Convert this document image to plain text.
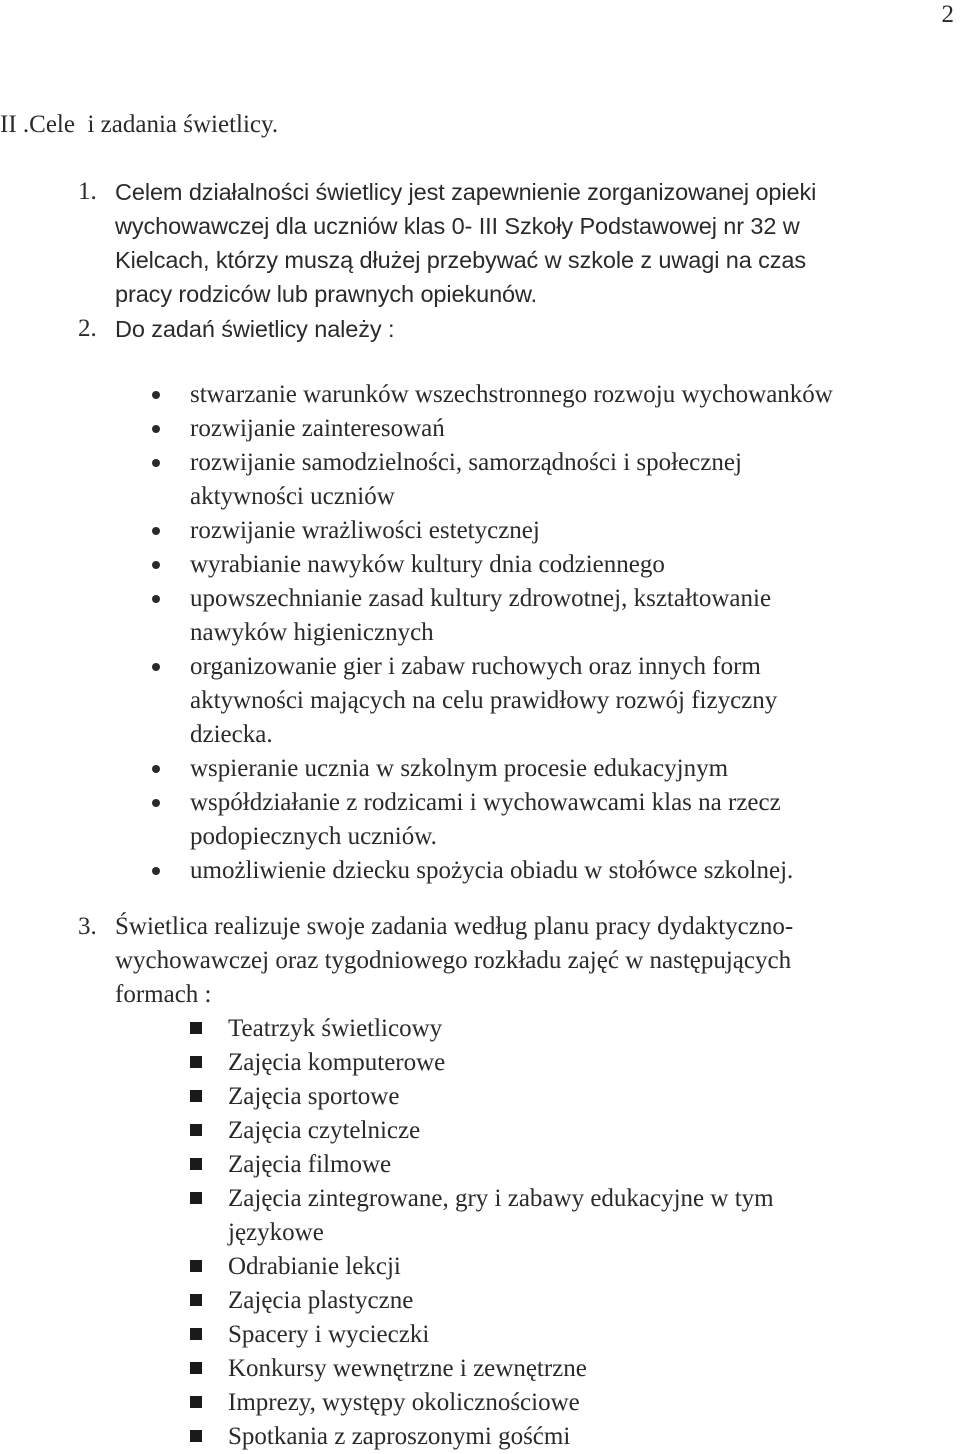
2
II .Cele  i zadania świetlicy.
1. Celem działalności świetlicy jest zapewnienie zorganizowanej opieki
wychowawczej dla uczniów klas 0- III Szkoły Podstawowej nr 32 w
Kielcach, którzy muszą dłużej przebywać w szkole z uwagi na czas
pracy rodziców lub prawnych opiekunów.
2. Do zadań świetlicy należy :
stwarzanie warunków wszechstronnego rozwoju wychowanków
rozwijanie zainteresowań
rozwijanie samodzielności, samorządności i społecznej
aktywności uczniów
rozwijanie wrażliwości estetycznej
wyrabianie nawyków kultury dnia codziennego
upowszechnianie zasad kultury zdrowotnej, kształtowanie
nawyków higienicznych
organizowanie gier i zabaw ruchowych oraz innych form
aktywności mających na celu prawidłowy rozwój fizyczny
dziecka.
wspieranie ucznia w szkolnym procesie edukacyjnym
współdziałanie z rodzicami i wychowawcami klas na rzecz
podopiecznych uczniów.
umożliwienie dziecku spożycia obiadu w stołówce szkolnej.
3. Świetlica realizuje swoje zadania według planu pracy dydaktyczno-
wychowawczej oraz tygodniowego rozkładu zajęć w następujących
formach :
Teatrzyk świetlicowy
Zajęcia komputerowe
Zajęcia sportowe
Zajęcia czytelnicze
Zajęcia filmowe
Zajęcia zintegrowane, gry i zabawy edukacyjne w tym
językowe
Odrabianie lekcji
Zajęcia plastyczne
Spacery i wycieczki
Konkursy wewnętrzne i zewnętrzne
Imprezy, występy okolicznościowe
Spotkania z zaproszonymi gośćmi
